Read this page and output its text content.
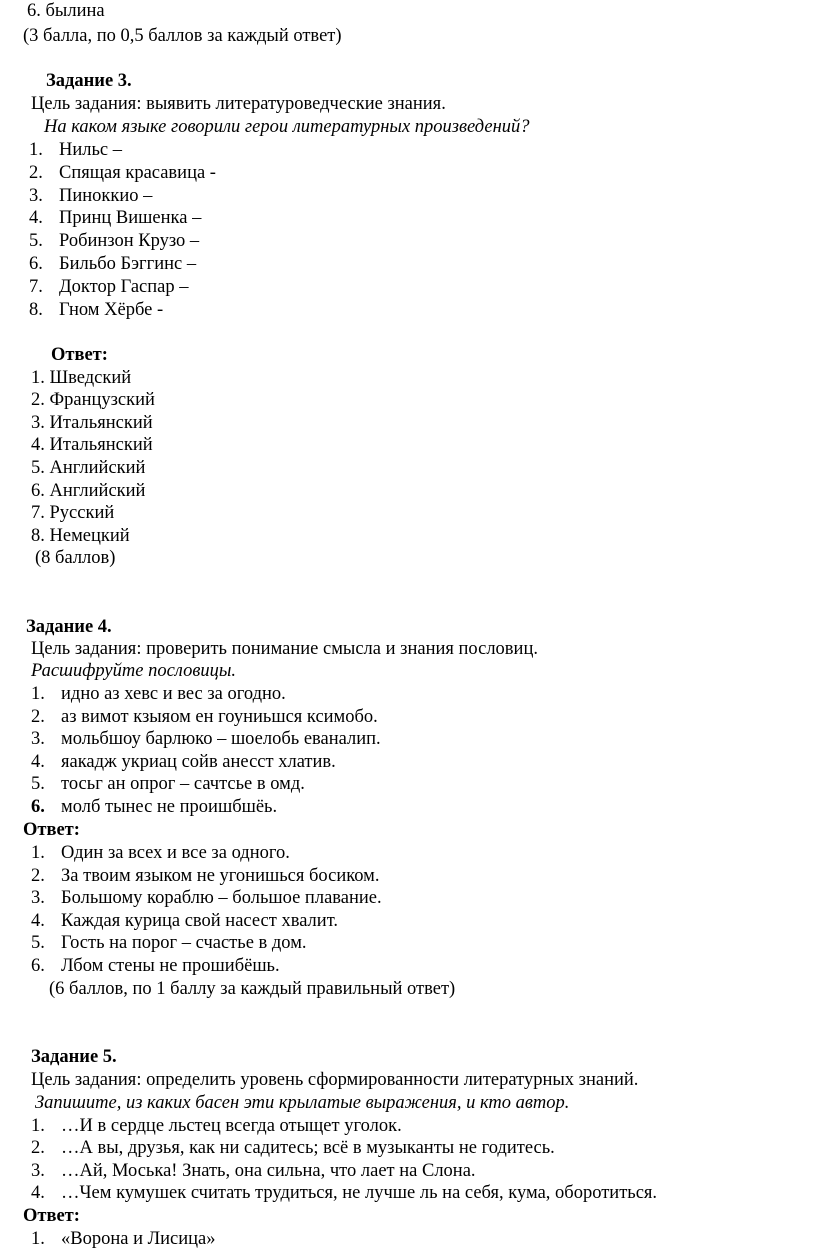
6. былина
(3 балла, по 0,5 баллов за каждый ответ)
Задание 3.
Цель задания: выявить литературоведческие знания.
На каком языке говорили герои литературных произведений?
1. Нильс –
2. Спящая красавица -
3. Пиноккио –
4. Принц Вишенка –
5. Робинзон Крузо –
6. Бильбо Бэггинс –
7. Доктор Гаспар –
8. Гном Хёрбе -
Ответ:
1. Шведский
2. Французский
3. Итальянский
4. Итальянский
5. Английский
6. Английский
7. Русский
8. Немецкий
(8 баллов)
Задание 4.
Цель задания: проверить понимание смысла и знания пословиц.
Расшифруйте пословицы.
1. идно аз хевс и вес за огодно.
2. аз вимот кзыяом ен гоуниьшся ксимобо.
3. мольбшоу барлюко – шоелобь еваналип.
4. яакадж укриац сойв анесст хлатив.
5. тосьг ан опрог – сачтсье в омд.
6. молб тынес не проишбшёь.
Ответ:
1. Один за всех и все за одного.
2. За твоим языком не угонишься босиком.
3. Большому кораблю – большое плавание.
4. Каждая курица свой насест хвалит.
5. Гость на порог – счастье в дом.
6. Лбом стены не прошибёшь.
(6 баллов, по 1 баллу за каждый правильный ответ)
Задание 5.
Цель задания: определить уровень сформированности литературных знаний.
Запишите, из каких басен эти крылатые выражения, и кто автор.
1. …И в сердце льстец всегда отыщет уголок.
2. …А вы, друзья, как ни садитесь; всё в музыканты не годитесь.
3. …Ай, Моська! Знать, она сильна, что лает на Слона.
4. …Чем кумушек считать трудиться, не лучше ль на себя, кума, оборотиться.
Ответ:
1. «Ворона и Лисица»
